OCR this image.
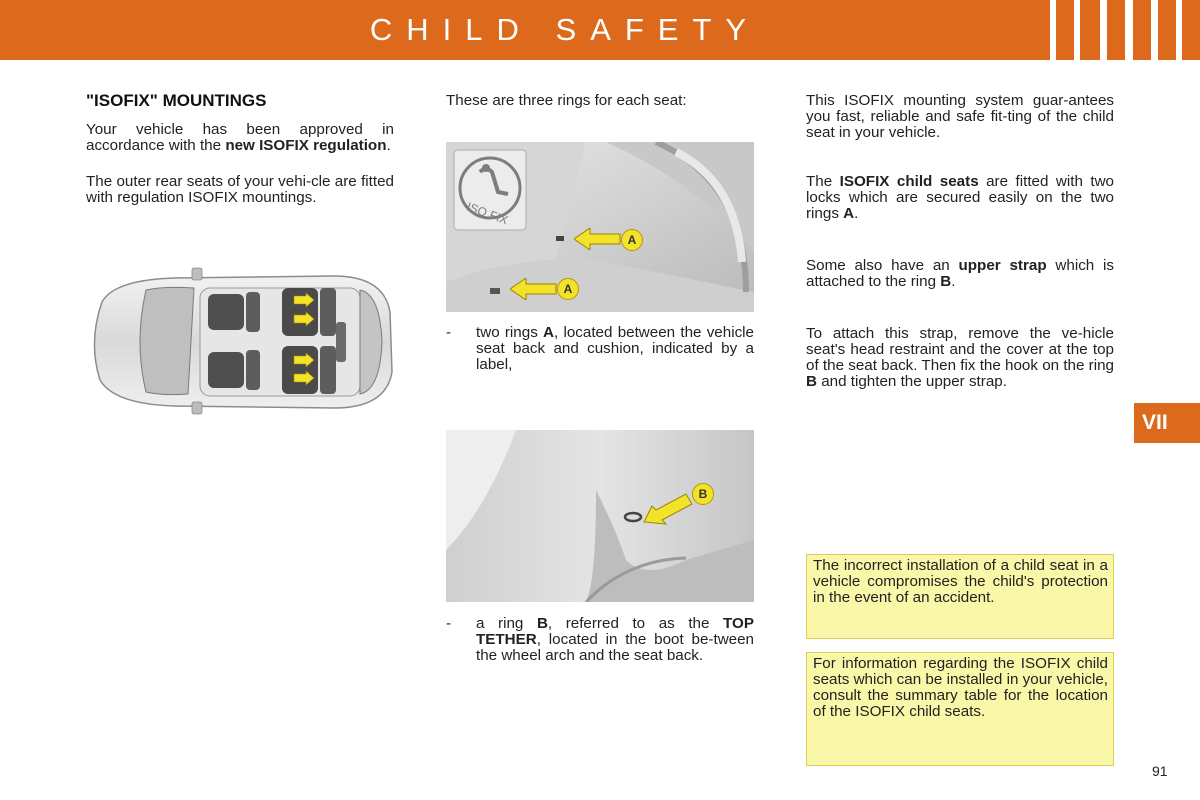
CHILD SAFETY
"ISOFIX" MOUNTINGS
Your vehicle has been approved in accordance with the new ISOFIX regulation.
The outer rear seats of your vehi-cle are fitted with regulation ISOFIX mountings.
These are three rings for each seat:
ISO FIX
A
A
- two rings A, located between the vehicle seat back and cushion, indicated by a label,
B
- a ring B, referred to as the TOP TETHER, located in the boot be-tween the wheel arch and the seat back.
This ISOFIX mounting system guar-antees you fast, reliable and safe fit-ting of the child seat in your vehicle.
The ISOFIX child seats are fitted with two locks which are secured easily on the two rings A.
Some also have an upper strap which is attached to the ring B.
To attach this strap, remove the ve-hicle seat's head restraint and the cover at the top of the seat back. Then fix the hook on the ring B and tighten the upper strap.
VII
The incorrect installation of a child seat in a vehicle compromises the child's protection in the event of an accident.
For information regarding the ISOFIX child seats which can be installed in your vehicle, consult the summary table for the location of the ISOFIX child seats.
91
